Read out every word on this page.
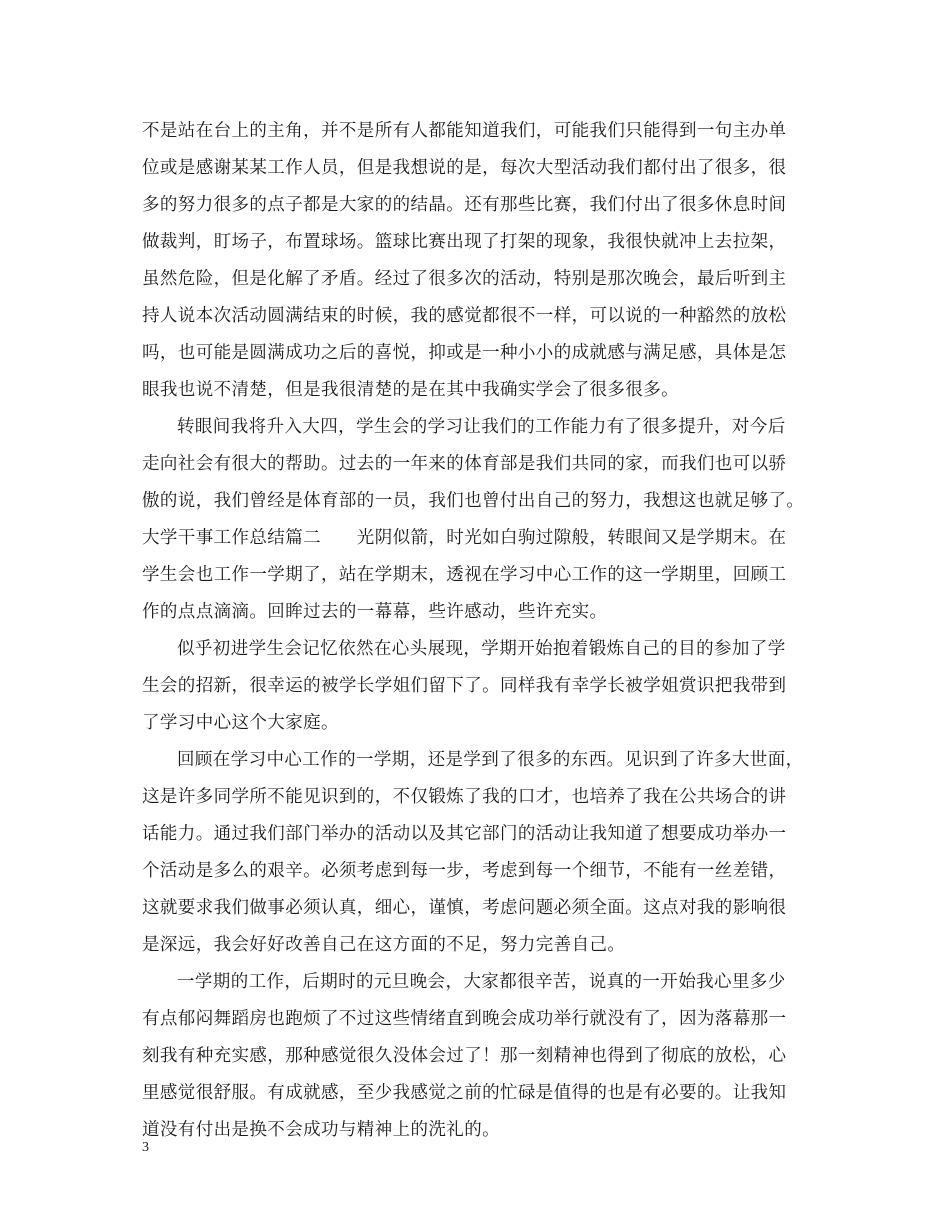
不是站在台上的主角，并不是所有人都能知道我们，可能我们只能得到一句主办单
位或是感谢某某工作人员，但是我想说的是，每次大型活动我们都付出了很多，很
多的努力很多的点子都是大家的的结晶。还有那些比赛，我们付出了很多休息时间
做裁判，盯场子，布置球场。篮球比赛出现了打架的现象，我很快就冲上去拉架，
虽然危险，但是化解了矛盾。经过了很多次的活动，特别是那次晚会，最后听到主
持人说本次活动圆满结束的时候，我的感觉都很不一样，可以说的一种豁然的放松
吗，也可能是圆满成功之后的喜悦，抑或是一种小小的成就感与满足感，具体是怎
眼我也说不清楚，但是我很清楚的是在其中我确实学会了很多很多。
转眼间我将升入大四，学生会的学习让我们的工作能力有了很多提升，对今后
走向社会有很大的帮助。过去的一年来的体育部是我们共同的家，而我们也可以骄
傲的说，我们曾经是体育部的一员，我们也曾付出自己的努力，我想这也就足够了。
大学干事工作总结篇二　　光阴似箭，时光如白驹过隙般，转眼间又是学期末。在
学生会也工作一学期了，站在学期末，透视在学习中心工作的这一学期里，回顾工
作的点点滴滴。回眸过去的一幕幕，些许感动，些许充实。
似乎初进学生会记忆依然在心头展现，学期开始抱着锻炼自己的目的参加了学
生会的招新，很幸运的被学长学姐们留下了。同样我有幸学长被学姐赏识把我带到
了学习中心这个大家庭。
回顾在学习中心工作的一学期，还是学到了很多的东西。见识到了许多大世面，
这是许多同学所不能见识到的，不仅锻炼了我的口才，也培养了我在公共场合的讲
话能力。通过我们部门举办的活动以及其它部门的活动让我知道了想要成功举办一
个活动是多么的艰辛。必须考虑到每一步，考虑到每一个细节，不能有一丝差错，
这就要求我们做事必须认真，细心，谨慎，考虑问题必须全面。这点对我的影响很
是深远，我会好好改善自己在这方面的不足，努力完善自己。
一学期的工作，后期时的元旦晚会，大家都很辛苦，说真的一开始我心里多少
有点郁闷舞蹈房也跑烦了不过这些情绪直到晚会成功举行就没有了，因为落幕那一
刻我有种充实感，那种感觉很久没体会过了！那一刻精神也得到了彻底的放松，心
里感觉很舒服。有成就感，至少我感觉之前的忙碌是值得的也是有必要的。让我知
道没有付出是换不会成功与精神上的洗礼的。
3
